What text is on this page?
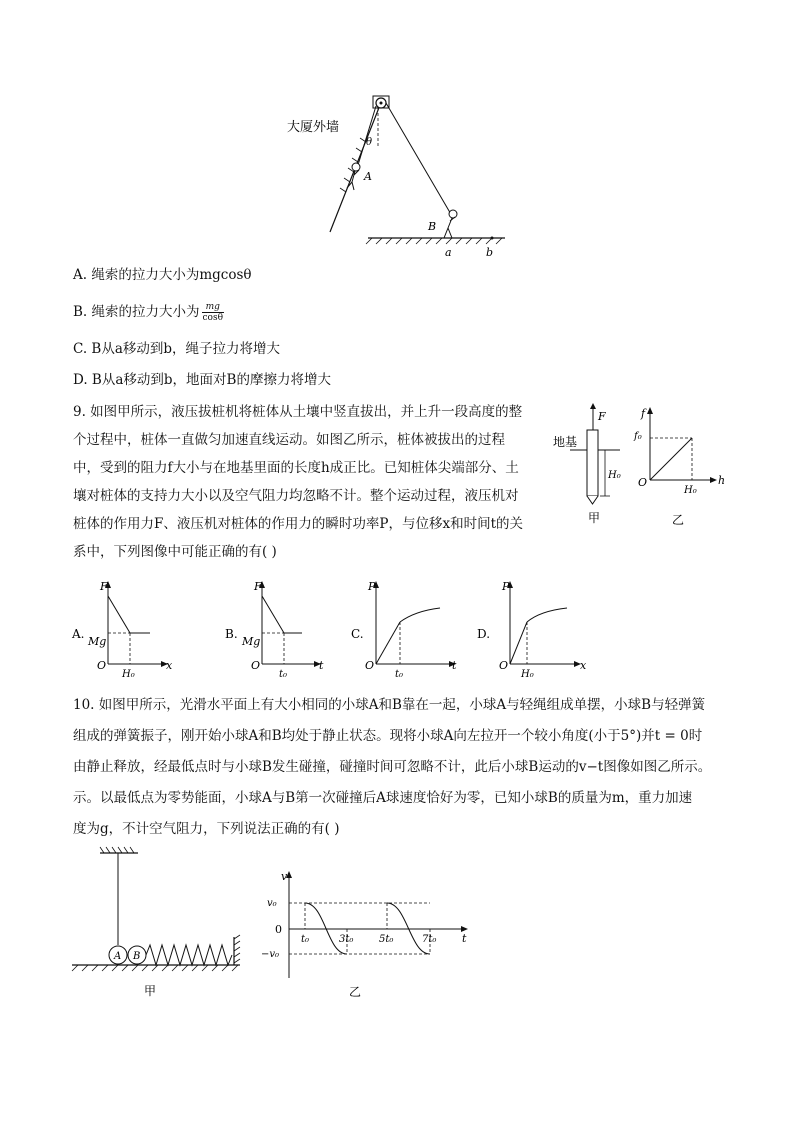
大厦外墙
θ
A
B
a	b
A. 绳索的拉力大小为mgcosθ
B. 绳索的拉力大小为 $\frac{mg}{\cos\theta}$
C. B从a移动到b，绳子拉力将增大
D. B从a移动到b，地面对B的摩擦力将增大
9. 如图甲所示，液压拔桩机将桩体从土壤中竖直拔出，并上升一段高度的整
个过程中，桩体一直做匀加速直线运动。如图乙所示，桩体被拔出的过程
中，受到的阻力f大小与在地基里面的长度h成正比。已知桩体尖端部分、土
壤对桩体的支持力大小以及空气阻力均忽略不计。整个运动过程，液压机对
桩体的作用力F、液压机对桩体的作用力的瞬时功率P，与位移x和时间t的关
系中，下列图像中可能正确的有( )
F
地基
H₀
甲
f
f₀
O
H₀
h
乙
A.
F
Mg
O
H₀
x
B.
F
Mg
O
t₀
t
C.
P
O
t₀
t
D.
P
O
H₀
x
10. 如图甲所示，光滑水平面上有大小相同的小球A和B靠在一起，小球A与轻绳组成单摆，小球B与轻弹簧
组成的弹簧振子，刚开始小球A和B均处于静止状态。现将小球A向左拉开一个较小角度(小于5°)并t = 0时
由静止释放，经最低点时与小球B发生碰撞，碰撞时间可忽略不计，此后小球B运动的v−t图像如图乙所示。
示。以最低点为零势能面，小球A与B第一次碰撞后A球速度恰好为零，已知小球B的质量为m，重力加速
度为g，不计空气阻力，下列说法正确的有( )
A B
甲
v
v₀
0
−v₀
t₀	3t₀	5t₀	7t₀ t
乙
